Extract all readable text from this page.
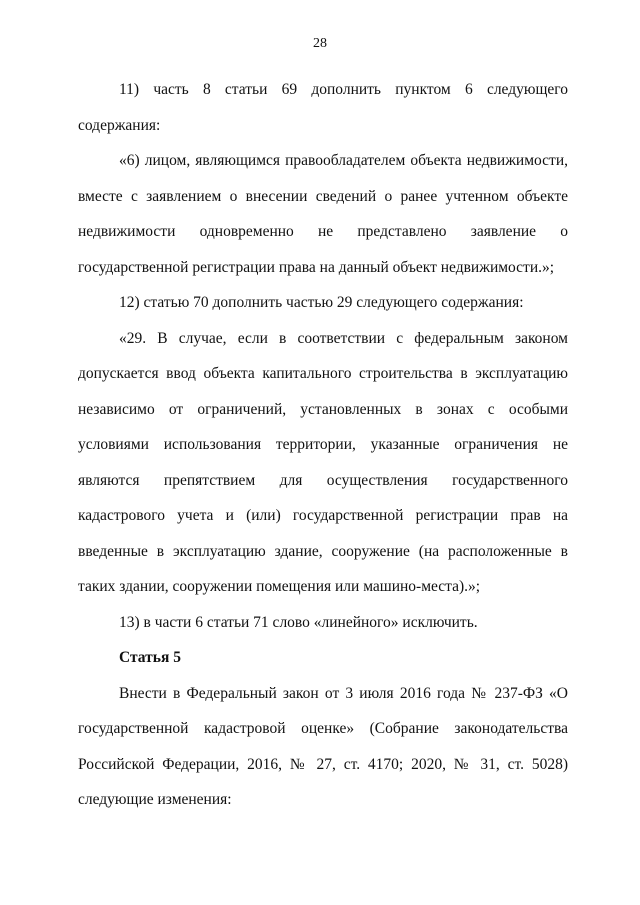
28

11) часть 8 статьи 69 дополнить пунктом 6 следующего содержания:

«6) лицом, являющимся правообладателем объекта недвижимости, вместе с заявлением о внесении сведений о ранее учтенном объекте недвижимости одновременно не представлено заявление о государственной регистрации права на данный объект недвижимости.»;

12) статью 70 дополнить частью 29 следующего содержания:

«29. В случае, если в соответствии с федеральным законом допускается ввод объекта капитального строительства в эксплуатацию независимо от ограничений, установленных в зонах с особыми условиями использования территории, указанные ограничения не являются препятствием для осуществления государственного кадастрового учета и (или) государственной регистрации прав на введенные в эксплуатацию здание, сооружение (на расположенные в таких здании, сооружении помещения или машино-места).»;

13) в части 6 статьи 71 слово «линейного» исключить.

Статья 5

Внести в Федеральный закон от 3 июля 2016 года № 237-ФЗ «О государственной кадастровой оценке» (Собрание законодательства Российской Федерации, 2016, № 27, ст. 4170; 2020, № 31, ст. 5028) следующие изменения:
